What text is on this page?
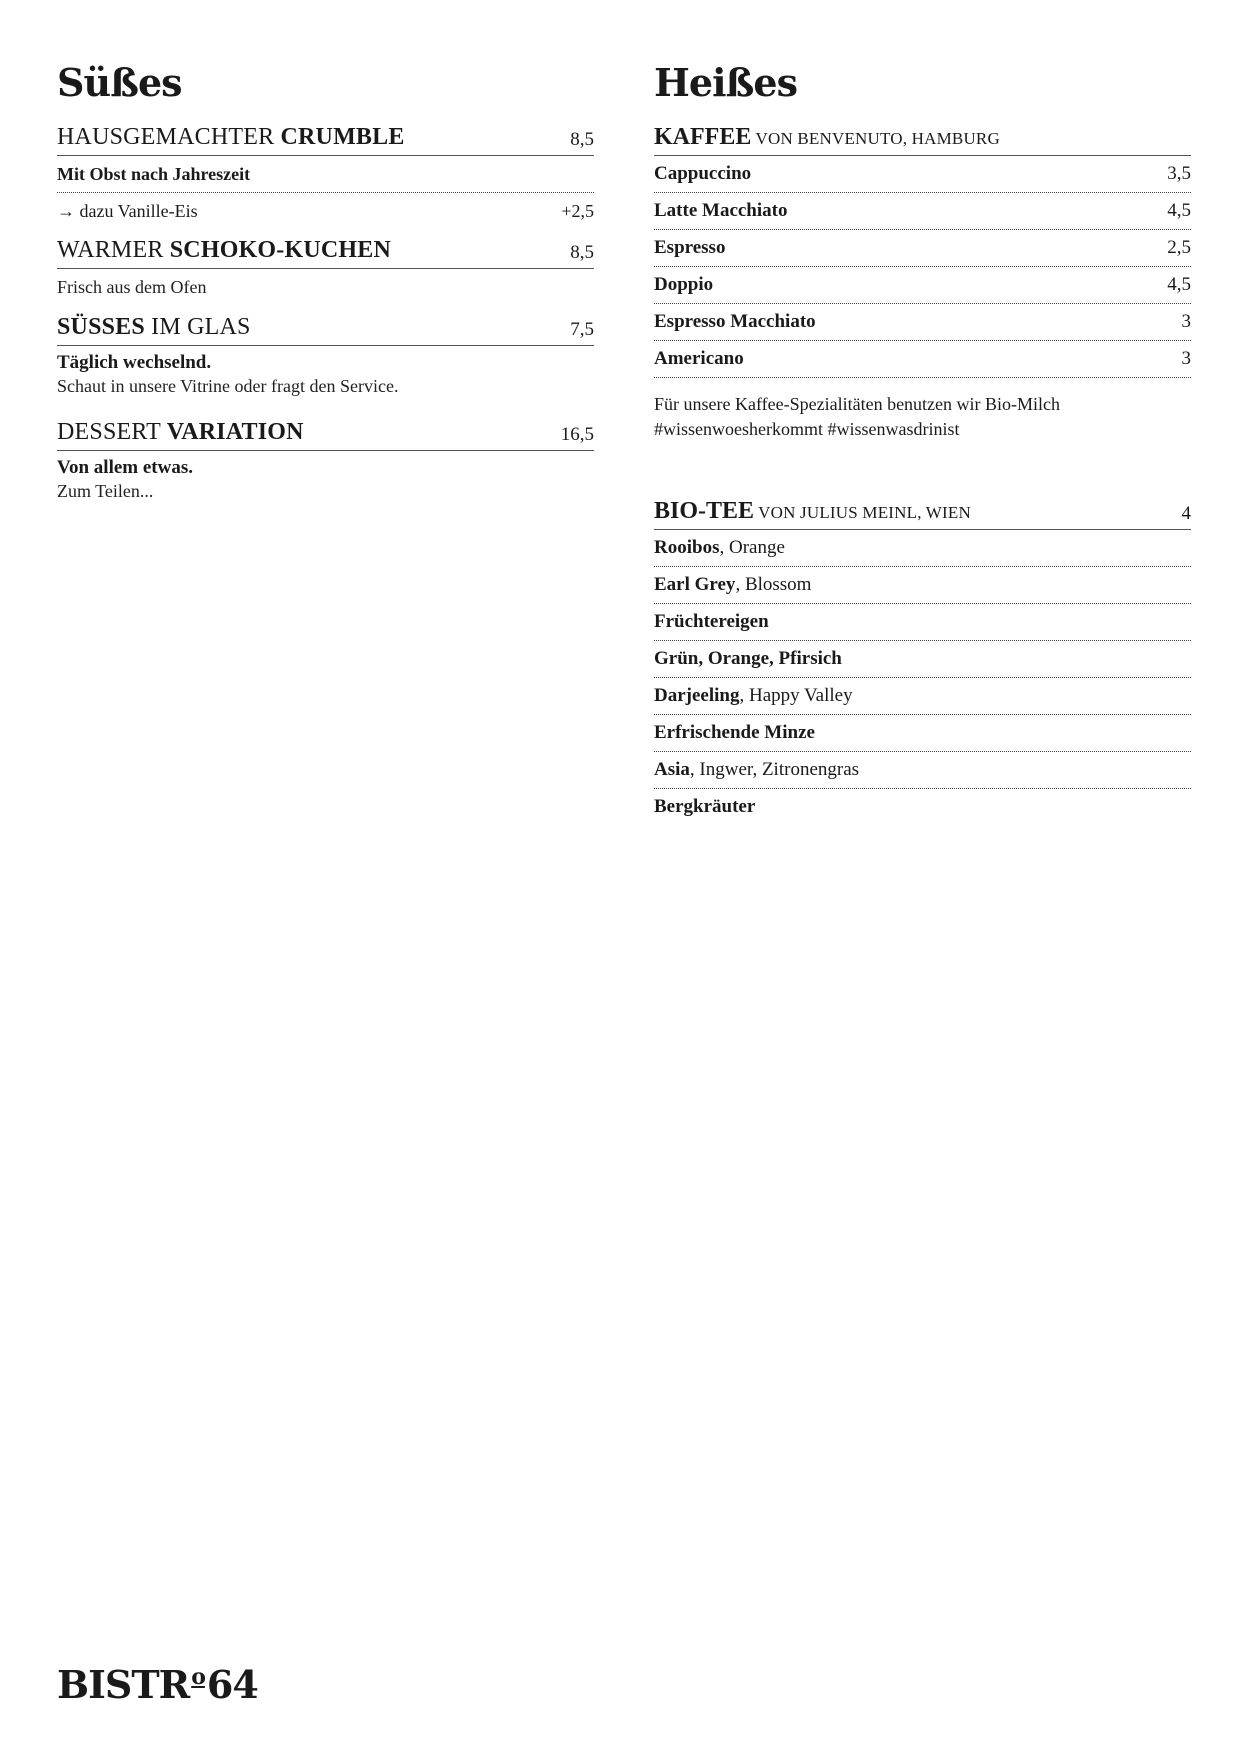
Süßes
HAUSGEMACHTER CRUMBLE	8,5
Mit Obst nach Jahreszeit
→ dazu Vanille-Eis	+2,5
WARMER SCHOKO-KUCHEN	8,5
Frisch aus dem Ofen
SÜSSES IM GLAS	7,5
Täglich wechselnd.
Schaut in unsere Vitrine oder fragt den Service.
DESSERT VARIATION	16,5
Von allem etwas.
Zum Teilen...
Heißes
KAFFEE VON BENVENUTO, HAMBURG
Cappuccino	3,5
Latte Macchiato	4,5
Espresso	2,5
Doppio	4,5
Espresso Macchiato	3
Americano	3
Für unsere Kaffee-Spezialitäten benutzen wir Bio-Milch
#wissenwoesherkommt #wissenwasdrinist
BIO-TEE VON JULIUS MEINL, WIEN	4
Rooibos, Orange
Earl Grey, Blossom
Früchtereigen
Grün, Orange, Pfirsich
Darjeeling, Happy Valley
Erfrischende Minze
Asia, Ingwer, Zitronengras
Bergkräuter
BISTR$^o$64
